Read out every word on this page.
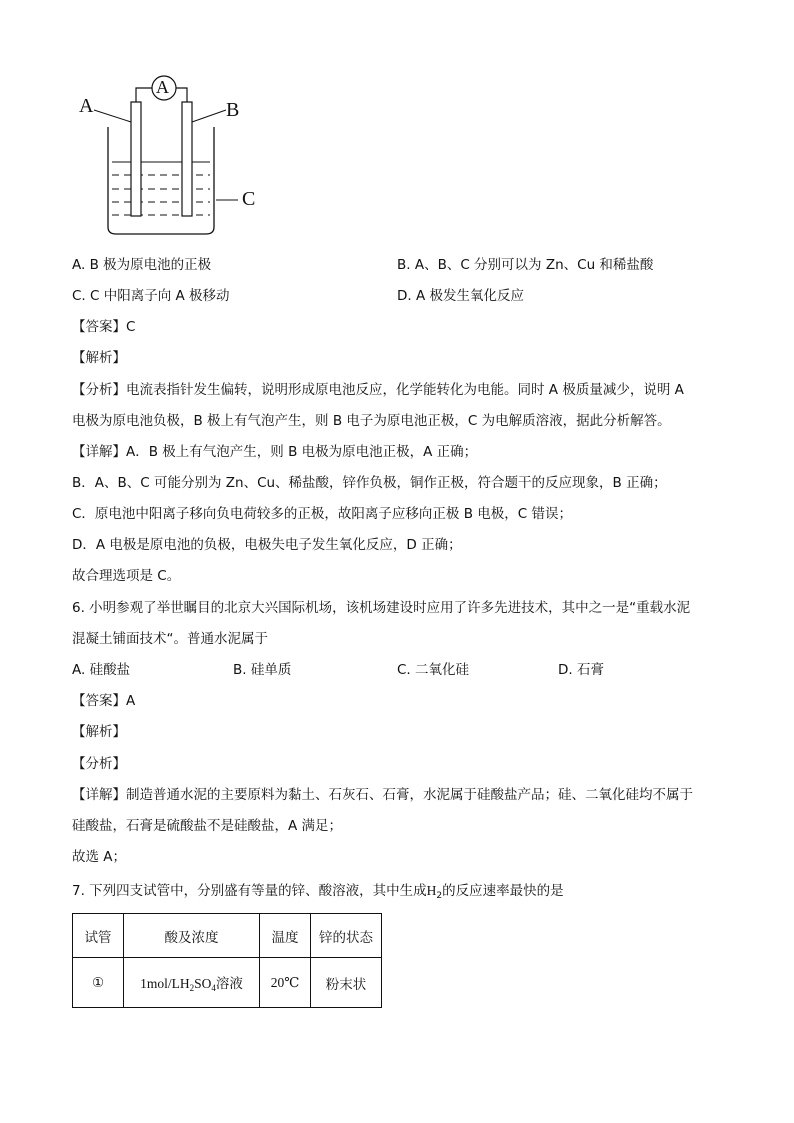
A
A	B
C
A. B 极为原电池的正极	B. A、B、C 分别可以为 Zn、Cu 和稀盐酸
C. C 中阳离子向 A 极移动	D. A 极发生氧化反应
【答案】C
【解析】
【分析】电流表指针发生偏转，说明形成原电池反应，化学能转化为电能。同时 A 极质量减少，说明 A
电极为原电池负极，B 极上有气泡产生，则 B 电子为原电池正极，C 为电解质溶液，据此分析解答。
【详解】A．B 极上有气泡产生，则 B 电极为原电池正极，A 正确；
B．A、B、C 可能分别为 Zn、Cu、稀盐酸，锌作负极，铜作正极，符合题干的反应现象，B 正确；
C．原电池中阳离子移向负电荷较多的正极，故阳离子应移向正极 B 电极，C 错误；
D．A 电极是原电池的负极，电极失电子发生氧化反应，D 正确；
故合理选项是 C。
6. 小明参观了举世瞩目的北京大兴国际机场，该机场建设时应用了许多先进技术，其中之一是“重载水泥
混凝土铺面技术“。普通水泥属于
A. 硅酸盐	B. 硅单质	C. 二氧化硅	D. 石膏
【答案】A
【解析】
【分析】
【详解】制造普通水泥的主要原料为黏土、石灰石、石膏，水泥属于硅酸盐产品；硅、二氧化硅均不属于
硅酸盐，石膏是硫酸盐不是硅酸盐，A 满足；
故选 A；
7. 下列四支试管中，分别盛有等量的锌、酸溶液，其中生成$H_2$的反应速率最快的是
试管	酸及浓度	温度	锌的状态
①	$1mol/LH_2SO_4$溶液	20℃	粉末状
